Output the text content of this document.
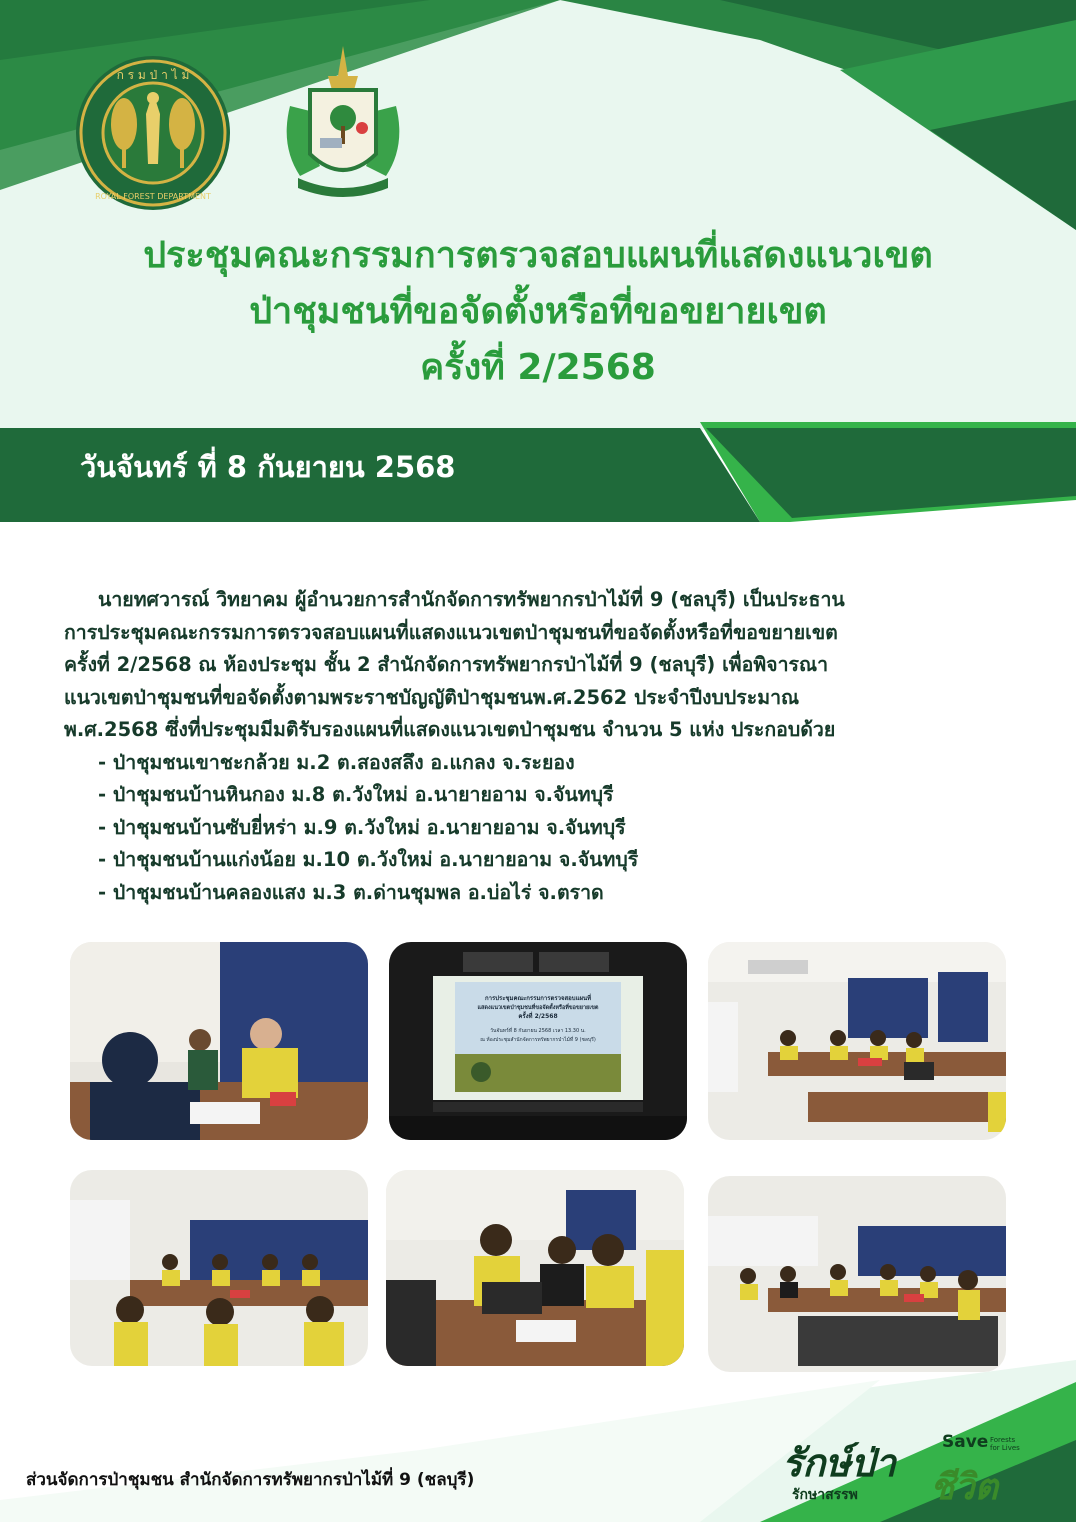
ก ร ม ป่ า ไ ม้
ROYAL FOREST DEPARTMENT
ประชุมคณะกรรมการตรวจสอบแผนที่แสดงแนวเขต
ป่าชุมชนที่ขอจัดตั้งหรือที่ขอขยายเขต
ครั้งที่ 2/2568
วันจันทร์ ที่ 8 กันยายน 2568
นายทศวารณ์ วิทยาคม ผู้อำนวยการสำนักจัดการทรัพยากรป่าไม้ที่ 9 (ชลบุรี) เป็นประธาน
การประชุมคณะกรรมการตรวจสอบแผนที่แสดงแนวเขตป่าชุมชนที่ขอจัดตั้งหรือที่ขอขยายเขต
ครั้งที่ 2/2568 ณ ห้องประชุม ชั้น 2 สำนักจัดการทรัพยากรป่าไม้ที่ 9 (ชลบุรี) เพื่อพิจารณา
แนวเขตป่าชุมชนที่ขอจัดตั้งตามพระราชบัญญัติป่าชุมชนพ.ศ.2562 ประจำปีงบประมาณ
พ.ศ.2568 ซึ่งที่ประชุมมีมติรับรองแผนที่แสดงแนวเขตป่าชุมชน จำนวน 5 แห่ง ประกอบด้วย
- ป่าชุมชนเขาชะกล้วย ม.2 ต.สองสลึง อ.แกลง จ.ระยอง
- ป่าชุมชนบ้านหินกอง ม.8 ต.วังใหม่ อ.นายายอาม จ.จันทบุรี
- ป่าชุมชนบ้านซับยี่หร่า ม.9 ต.วังใหม่ อ.นายายอาม จ.จันทบุรี
- ป่าชุมชนบ้านแก่งน้อย ม.10 ต.วังใหม่ อ.นายายอาม จ.จันทบุรี
- ป่าชุมชนบ้านคลองแสง ม.3 ต.ด่านชุมพล อ.บ่อไร่ จ.ตราด
การประชุมคณะกรรมการตรวจสอบแผนที่
แสดงแนวเขตป่าชุมชนที่ขอจัดตั้งหรือที่ขอขยายเขต
ครั้งที่ 2/2568
วันจันทร์ที่ 8 กันยายน 2568 เวลา 13.30 น.
ณ ห้องประชุมสำนักจัดการทรัพยากรป่าไม้ที่ 9 (ชลบุรี)
ส่วนจัดการป่าชุมชน สำนักจัดการทรัพยากรป่าไม้ที่ 9 (ชลบุรี)	รักษ์ป่า
รักษาสรรพ
Save Forests for Lives
ชีวิต
